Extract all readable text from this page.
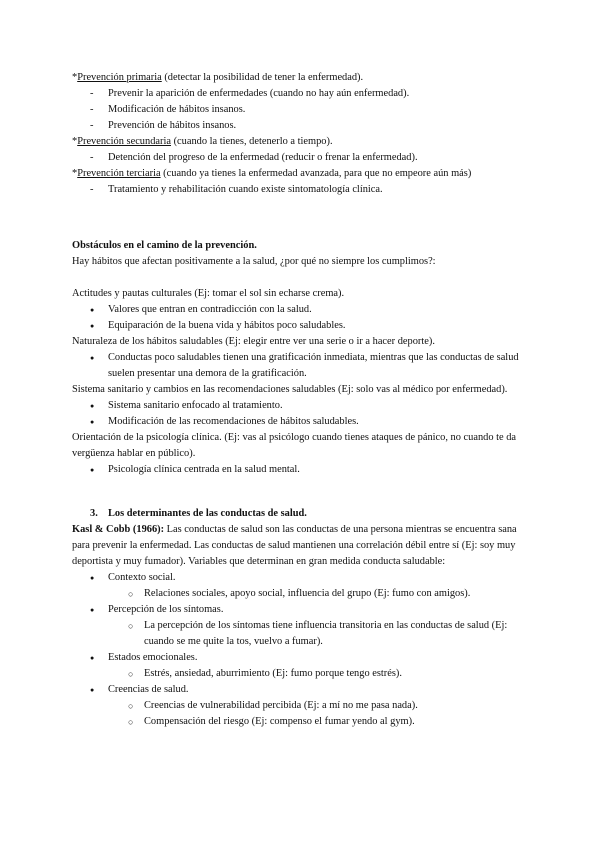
*Prevención primaria (detectar la posibilidad de tener la enfermedad).
- Prevenir la aparición de enfermedades (cuando no hay aún enfermedad).
- Modificación de hábitos insanos.
- Prevención de hábitos insanos.
*Prevención secundaria (cuando la tienes, detenerlo a tiempo).
- Detención del progreso de la enfermedad (reducir o frenar la enfermedad).
*Prevención terciaria (cuando ya tienes la enfermedad avanzada, para que no empeore aún más)
- Tratamiento y rehabilitación cuando existe sintomatología clínica.
Obstáculos en el camino de la prevención.
Hay hábitos que afectan positivamente a la salud, ¿por qué no siempre los cumplimos?:
Actitudes y pautas culturales (Ej: tomar el sol sin echarse crema).
● Valores que entran en contradicción con la salud.
● Equiparación de la buena vida y hábitos poco saludables.
Naturaleza de los hábitos saludables (Ej: elegir entre ver una serie o ir a hacer deporte).
● Conductas poco saludables tienen una gratificación inmediata, mientras que las conductas de salud suelen presentar una demora de la gratificación.
Sistema sanitario y cambios en las recomendaciones saludables (Ej: solo vas al médico por enfermedad).
● Sistema sanitario enfocado al tratamiento.
● Modificación de las recomendaciones de hábitos saludables.
Orientación de la psicología clínica. (Ej: vas al psicólogo cuando tienes ataques de pánico, no cuando te da vergüenza hablar en público).
● Psicología clínica centrada en la salud mental.
3. Los determinantes de las conductas de salud.
Kasl & Cobb (1966): Las conductas de salud son las conductas de una persona mientras se encuentra sana para prevenir la enfermedad. Las conductas de salud mantienen una correlación débil entre sí (Ej: soy muy deportista y muy fumador). Variables que determinan en gran medida conducta saludable:
● Contexto social.
○ Relaciones sociales, apoyo social, influencia del grupo (Ej: fumo con amigos).
● Percepción de los síntomas.
○ La percepción de los síntomas tiene influencia transitoria en las conductas de salud (Ej: cuando se me quite la tos, vuelvo a fumar).
● Estados emocionales.
○ Estrés, ansiedad, aburrimiento (Ej: fumo porque tengo estrés).
● Creencias de salud.
○ Creencias de vulnerabilidad percibida (Ej: a mí no me pasa nada).
○ Compensación del riesgo (Ej: compenso el fumar yendo al gym).
